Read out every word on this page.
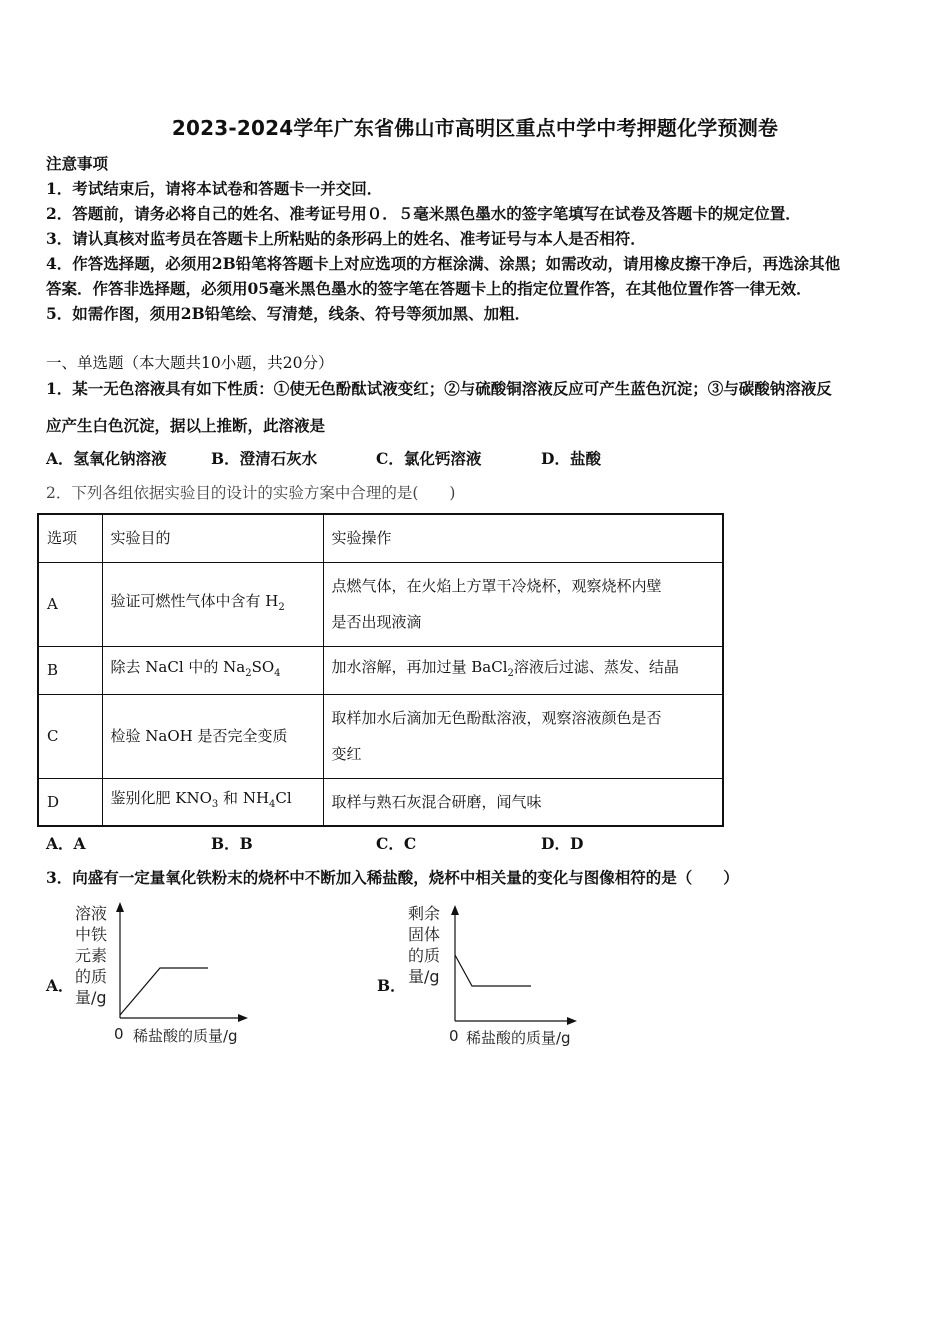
2023-2024学年广东省佛山市高明区重点中学中考押题化学预测卷
注意事项
1．考试结束后，请将本试卷和答题卡一并交回．
2．答题前，请务必将自己的姓名、准考证号用０．５毫米黑色墨水的签字笔填写在试卷及答题卡的规定位置．
3．请认真核对监考员在答题卡上所粘贴的条形码上的姓名、准考证号与本人是否相符．
4．作答选择题，必须用2B铅笔将答题卡上对应选项的方框涂满、涂黑；如需改动，请用橡皮擦干净后，再选涂其他
答案．作答非选择题，必须用05毫米黑色墨水的签字笔在答题卡上的指定位置作答，在其他位置作答一律无效．
5．如需作图，须用2B铅笔绘、写清楚，线条、符号等须加黑、加粗．
一、单选题（本大题共10小题，共20分）
1．某一无色溶液具有如下性质：①使无色酚酞试液变红；②与硫酸铜溶液反应可产生蓝色沉淀；③与碳酸钠溶液反
应产生白色沉淀，据以上推断，此溶液是
A．氢氧化钠溶液	B．澄清石灰水	C．氯化钙溶液	D．盐酸
2．下列各组依据实验目的设计的实验方案中合理的是(　　)
选项	实验目的	实验操作
A	验证可燃性气体中含有 $H_2$	点燃气体，在火焰上方罩干冷烧杯，观察烧杯内壁
是否出现液滴
B	除去 NaCl 中的 $Na_2SO_4$	加水溶解，再加过量 BaCl$_2$溶液后过滤、蒸发、结晶
C	检验 NaOH 是否完全变质	取样加水后滴加无色酚酞溶液，观察溶液颜色是否
变红
D	鉴别化肥 $KNO_3$ 和 $NH_4Cl$	取样与熟石灰混合研磨，闻气味
A．A	B．B	C．C	D．D
3．向盛有一定量氧化铁粉末的烧杯中不断加入稀盐酸，烧杯中相关量的变化与图像相符的是（　　）
A．
溶液
中铁
元素
的质
量/g
0 稀盐酸的质量/g
B．
剩余
固体
的质
量/g
0 稀盐酸的质量/g
